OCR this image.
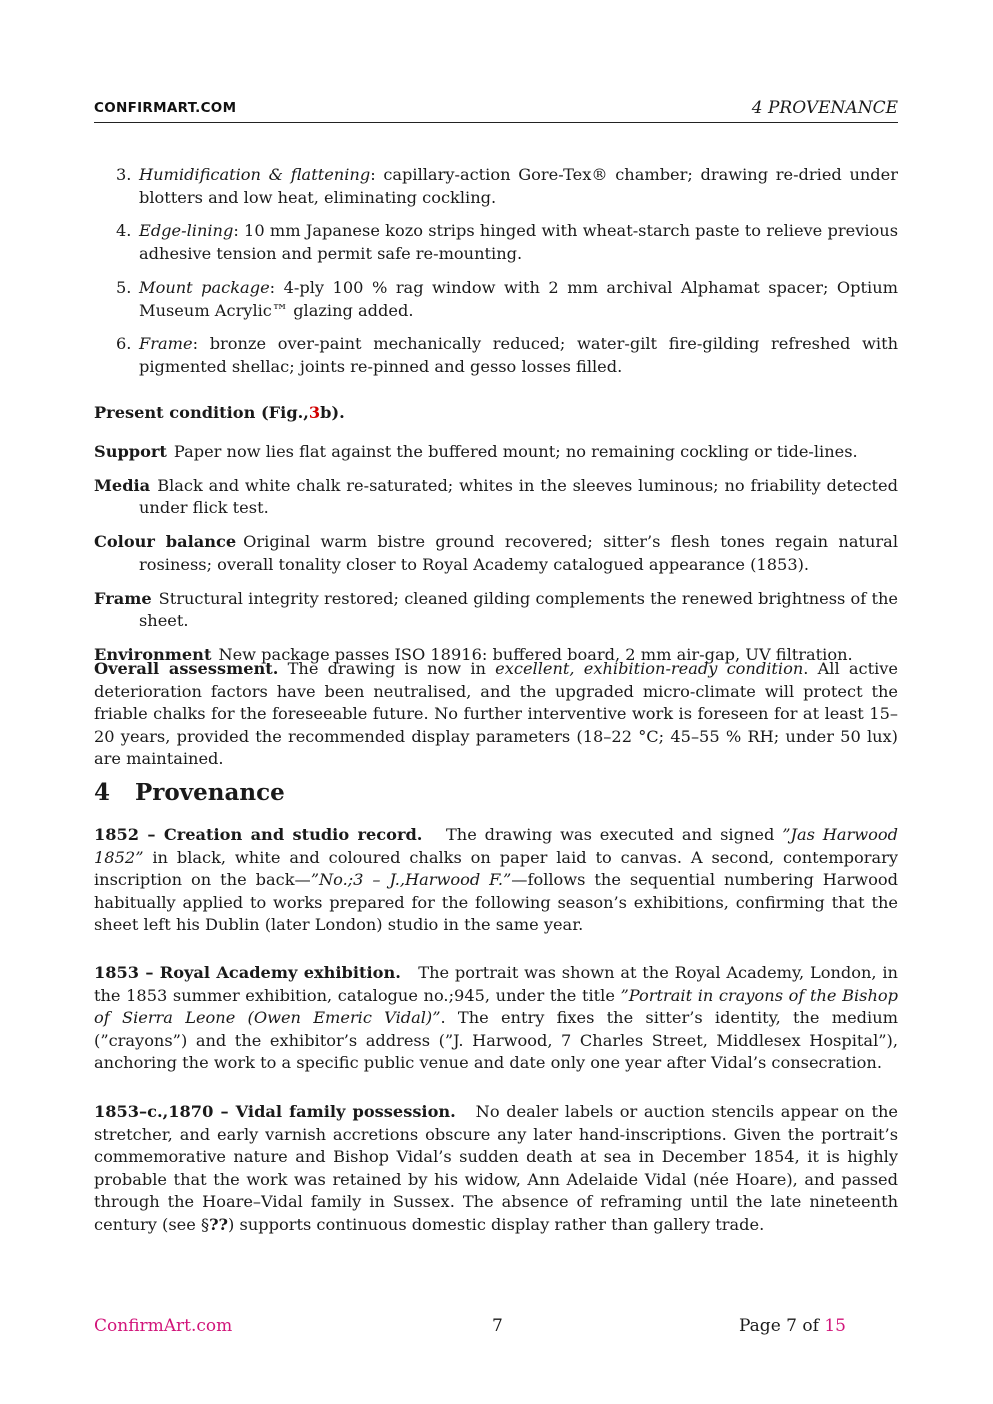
CONFIRMART.COM	4 PROVENANCE
3. Humidification & flattening: capillary-action Gore-Tex® chamber; drawing re-dried under blotters and low heat, eliminating cockling.
4. Edge-lining: 10 mm Japanese kozo strips hinged with wheat-starch paste to relieve previous adhesive tension and permit safe re-mounting.
5. Mount package: 4-ply 100 % rag window with 2 mm archival Alphamat spacer; Optium Museum Acrylic™ glazing added.
6. Frame: bronze over-paint mechanically reduced; water-gilt fire-gilding refreshed with pigmented shellac; joints re-pinned and gesso losses filled.
Present condition (Fig.,3b).
Support Paper now lies flat against the buffered mount; no remaining cockling or tide-lines.
Media Black and white chalk re-saturated; whites in the sleeves luminous; no friability detected under flick test.
Colour balance Original warm bistre ground recovered; sitter’s flesh tones regain natural rosiness; overall tonality closer to Royal Academy catalogued appearance (1853).
Frame Structural integrity restored; cleaned gilding complements the renewed brightness of the sheet.
Environment New package passes ISO 18916: buffered board, 2 mm air-gap, UV filtration.
Overall assessment. The drawing is now in excellent, exhibition-ready condition. All active deterioration factors have been neutralised, and the upgraded micro-climate will protect the friable chalks for the foreseeable future. No further interventive work is foreseen for at least 15–20 years, provided the recommended display parameters (18–22 °C; 45–55 % RH; under 50 lux) are maintained.
4 Provenance
1852 – Creation and studio record. The drawing was executed and signed ”Jas Harwood 1852” in black, white and coloured chalks on paper laid to canvas. A second, contemporary inscription on the back—”No.;3 – J.,Harwood F.”—follows the sequential numbering Harwood habitually applied to works prepared for the following season’s exhibitions, confirming that the sheet left his Dublin (later London) studio in the same year.
1853 – Royal Academy exhibition. The portrait was shown at the Royal Academy, London, in the 1853 summer exhibition, catalogue no.;945, under the title ”Portrait in crayons of the Bishop of Sierra Leone (Owen Emeric Vidal)”. The entry fixes the sitter’s identity, the medium (”crayons”) and the exhibitor’s address (”J. Harwood, 7 Charles Street, Middlesex Hospital”), anchoring the work to a specific public venue and date only one year after Vidal’s consecration.
1853–c.,1870 – Vidal family possession. No dealer labels or auction stencils appear on the stretcher, and early varnish accretions obscure any later hand-inscriptions. Given the portrait’s commemorative nature and Bishop Vidal’s sudden death at sea in December 1854, it is highly probable that the work was retained by his widow, Ann Adelaide Vidal (née Hoare), and passed through the Hoare–Vidal family in Sussex. The absence of reframing until the late nineteenth century (see §??) supports continuous domestic display rather than gallery trade.
ConfirmArt.com	7	Page 7 of 15
